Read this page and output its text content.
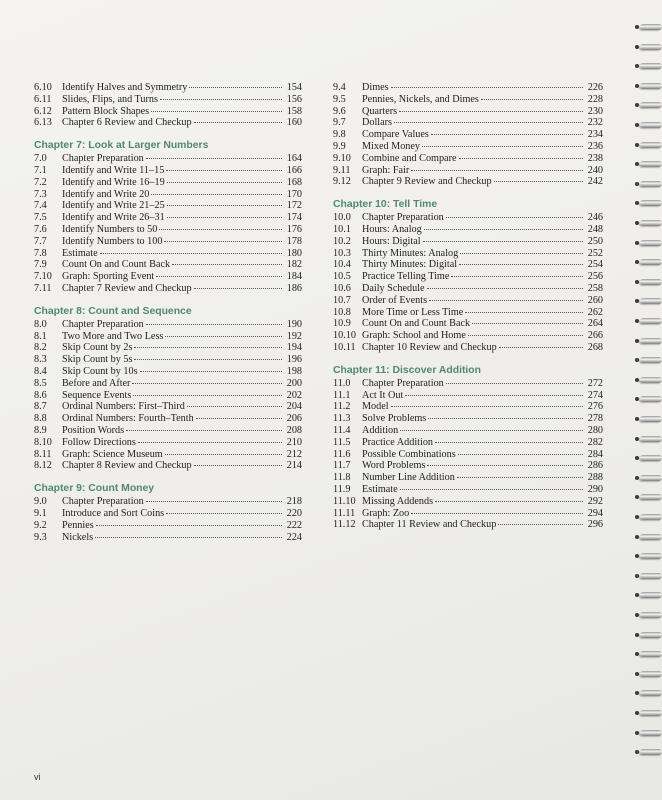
6.10 Identify Halves and Symmetry	154
6.11	Slides, Flips, and Turns	156
6.12 Pattern Block Shapes	158
6.13 Chapter 6 Review and Checkup	160
Chapter 7: Look at Larger Numbers
7.0	Chapter Preparation	164
7.1	Identify and Write 11–15	166
7.2	Identify and Write 16–19	168
7.3	Identify and Write 20	170
7.4	Identify and Write 21–25	172
7.5	Identify and Write 26–31	174
7.6	Identify Numbers to 50	176
7.7	Identify Numbers to 100	178
7.8	Estimate	180
7.9	Count On and Count Back	182
7.10 Graph: Sporting Event	184
7.11	Chapter 7 Review and Checkup	186
Chapter 8: Count and Sequence
8.0	Chapter Preparation	190
8.1	Two More and Two Less	192
8.2	Skip Count by 2s	194
8.3	Skip Count by 5s	196
8.4	Skip Count by 10s	198
8.5	Before and After	200
8.6	Sequence Events	202
8.7	Ordinal Numbers: First–Third	204
8.8	Ordinal Numbers: Fourth–Tenth	206
8.9	Position Words	208
8.10 Follow Directions	210
8.11	Graph: Science Museum	212
8.12 Chapter 8 Review and Checkup	214
Chapter 9: Count Money
9.0	Chapter Preparation	218
9.1	Introduce and Sort Coins	220
9.2	Pennies	222
9.3	Nickels	224
9.4	Dimes	226
9.5	Pennies, Nickels, and Dimes	228
9.6	Quarters	230
9.7	Dollars	232
9.8	Compare Values	234
9.9	Mixed Money	236
9.10	Combine and Compare	238
9.11	Graph: Fair	240
9.12	Chapter 9 Review and Checkup	242
Chapter 10: Tell Time
10.0	Chapter Preparation	246
10.1	Hours: Analog	248
10.2	Hours: Digital	250
10.3	Thirty Minutes: Analog	252
10.4	Thirty Minutes: Digital	254
10.5	Practice Telling Time	256
10.6	Daily Schedule	258
10.7	Order of Events	260
10.8	More Time or Less Time	262
10.9	Count On and Count Back	264
10.10 Graph: School and Home	266
10.11 Chapter 10 Review and Checkup	268
Chapter 11: Discover Addition
11.0	Chapter Preparation	272
11.1	Act It Out	274
11.2	Model	276
11.3	Solve Problems	278
11.4	Addition	280
11.5	Practice Addition	282
11.6	Possible Combinations	284
11.7	Word Problems	286
11.8	Number Line Addition	288
11.9	Estimate	290
11.10 Missing Addends	292
11.11 Graph: Zoo	294
11.12 Chapter 11 Review and Checkup	296
vi
